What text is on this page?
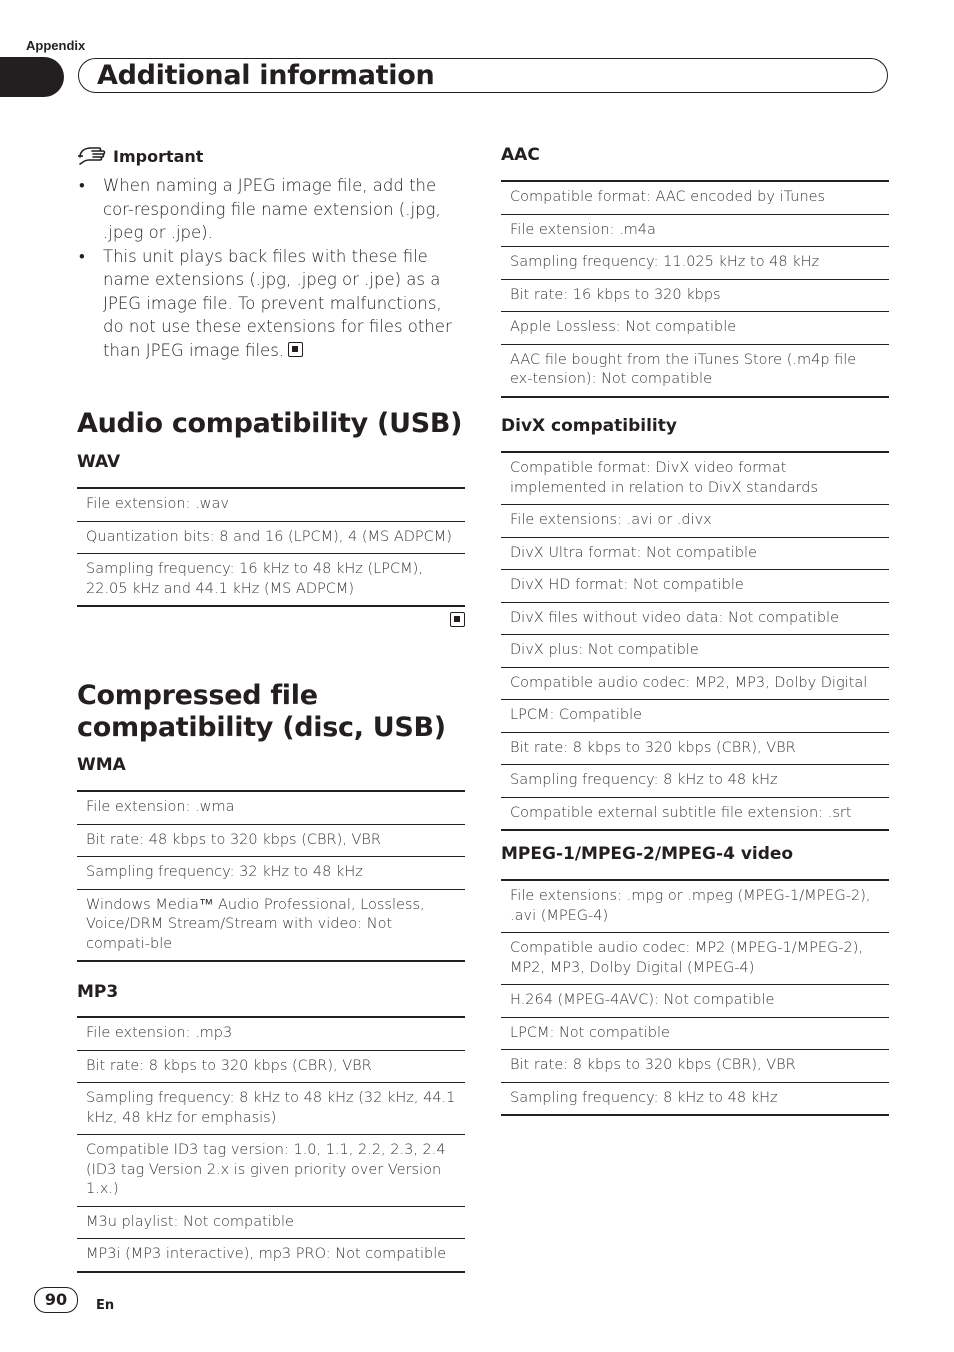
Appendix
Additional information
Important
• When naming a JPEG image file, add the cor-responding file name extension (.jpg, .jpeg or .jpe).
• This unit plays back files with these file name extensions (.jpg, .jpeg or .jpe) as a JPEG image file. To prevent malfunctions, do not use these extensions for files other than JPEG image files.
Audio compatibility (USB)
WAV
File extension: .wav
Quantization bits: 8 and 16 (LPCM), 4 (MS ADPCM)
Sampling frequency: 16 kHz to 48 kHz (LPCM), 22.05 kHz and 44.1 kHz (MS ADPCM)
Compressed file compatibility (disc, USB)
WMA
File extension: .wma
Bit rate: 48 kbps to 320 kbps (CBR), VBR
Sampling frequency: 32 kHz to 48 kHz
Windows Media™ Audio Professional, Lossless, Voice/DRM Stream/Stream with video: Not compati-ble
MP3
File extension: .mp3
Bit rate: 8 kbps to 320 kbps (CBR), VBR
Sampling frequency: 8 kHz to 48 kHz (32 kHz, 44.1 kHz, 48 kHz for emphasis)
Compatible ID3 tag version: 1.0, 1.1, 2.2, 2.3, 2.4 (ID3 tag Version 2.x is given priority over Version 1.x.)
M3u playlist: Not compatible
MP3i (MP3 interactive), mp3 PRO: Not compatible
AAC
Compatible format: AAC encoded by iTunes
File extension: .m4a
Sampling frequency: 11.025 kHz to 48 kHz
Bit rate: 16 kbps to 320 kbps
Apple Lossless: Not compatible
AAC file bought from the iTunes Store (.m4p file ex-tension): Not compatible
DivX compatibility
Compatible format: DivX video format implemented in relation to DivX standards
File extensions: .avi or .divx
DivX Ultra format: Not compatible
DivX HD format: Not compatible
DivX files without video data: Not compatible
DivX plus: Not compatible
Compatible audio codec: MP2, MP3, Dolby Digital
LPCM: Compatible
Bit rate: 8 kbps to 320 kbps (CBR), VBR
Sampling frequency: 8 kHz to 48 kHz
Compatible external subtitle file extension: .srt
MPEG-1/MPEG-2/MPEG-4 video
File extensions: .mpg or .mpeg (MPEG-1/MPEG-2), .avi (MPEG-4)
Compatible audio codec: MP2 (MPEG-1/MPEG-2), MP2, MP3, Dolby Digital (MPEG-4)
H.264 (MPEG-4AVC): Not compatible
LPCM: Not compatible
Bit rate: 8 kbps to 320 kbps (CBR), VBR
Sampling frequency: 8 kHz to 48 kHz
90	En
